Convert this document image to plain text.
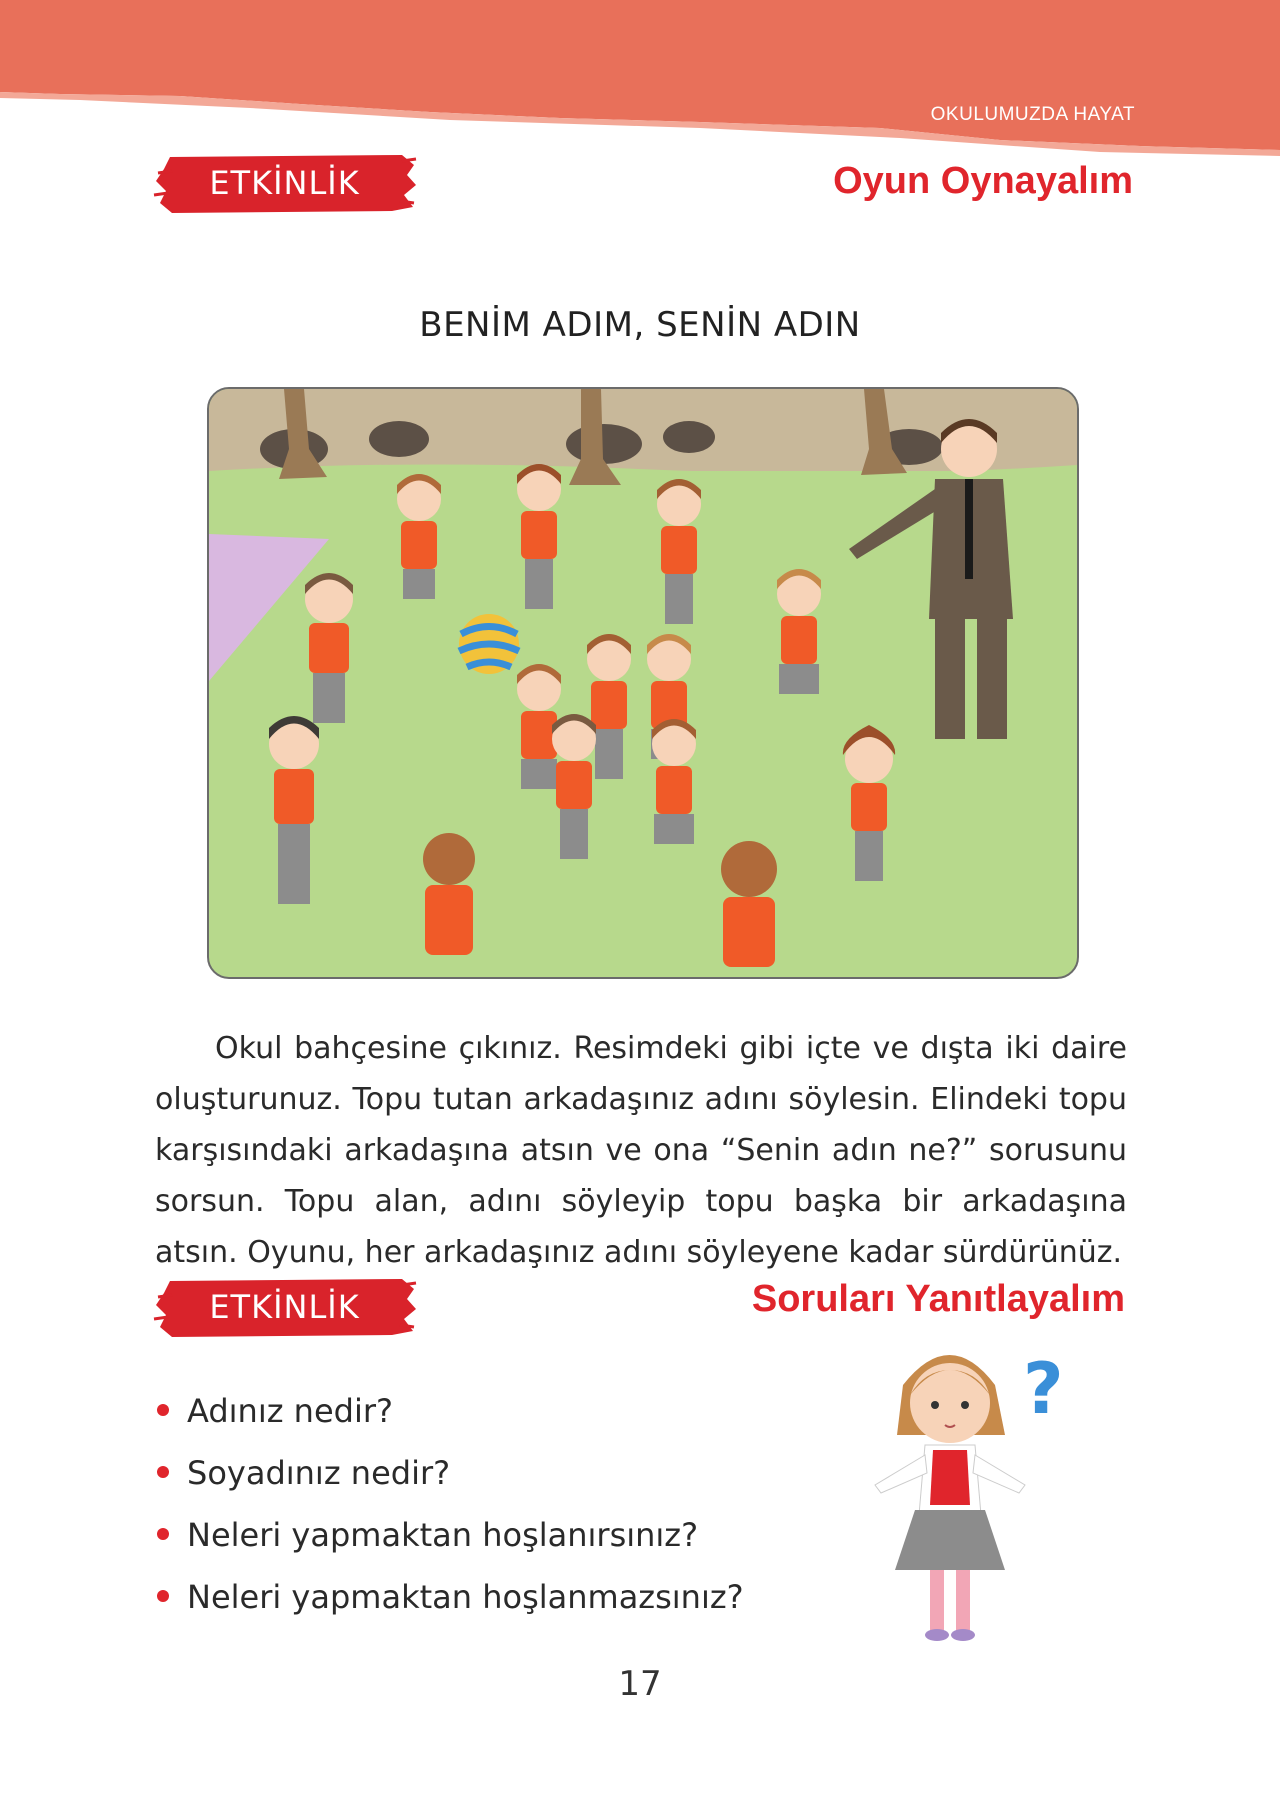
OKULUMUZDA HAYAT
ETKİNLİK	Oyun Oynayalım
BENİM ADIM, SENİN ADIN

Okul bahçesine çıkınız. Resimdeki gibi içte ve dışta iki daire oluşturunuz. Topu tutan arkadaşınız adını söylesin. Elindeki topu karşısındaki arkadaşına atsın ve ona “Senin adın ne?” sorusunu sorsun. Topu alan, adını söyleyip topu başka bir arkadaşına atsın. Oyunu, her arkadaşınız adını söyleyene kadar sürdürünüz.

ETKİNLİK	Soruları Yanıtlayalım
Adınız nedir?
Soyadınız nedir?
Neleri yapmaktan hoşlanırsınız?
Neleri yapmaktan hoşlanmazsınız?
?
17
